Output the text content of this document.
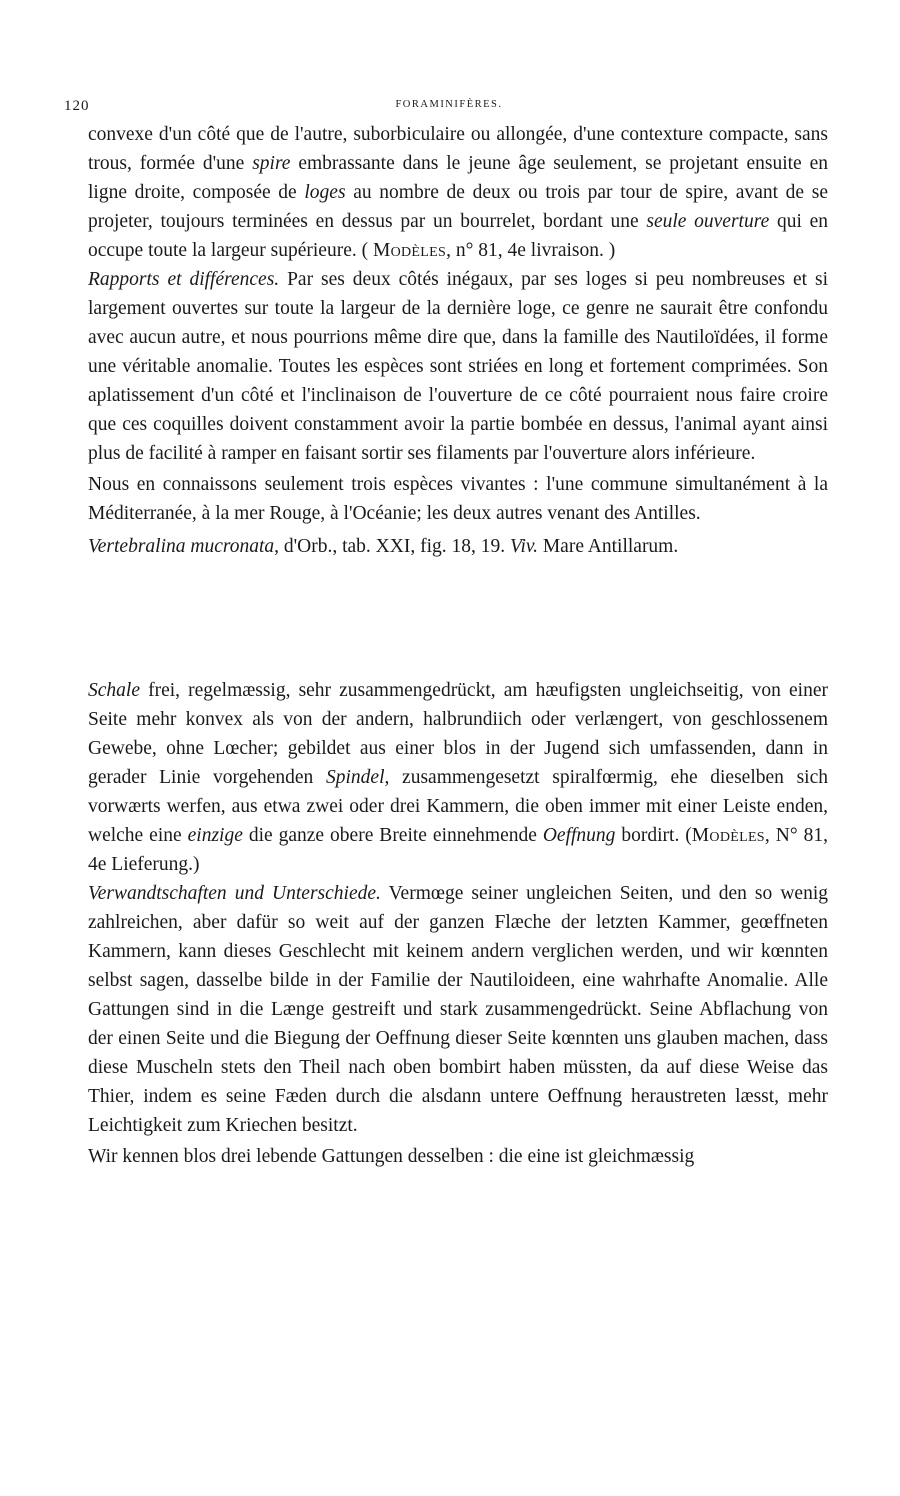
120	FORAMINIFÈRES.

convexe d'un côté que de l'autre, suborbiculaire ou allongée, d'une contexture compacte, sans trous, formée d'une spire embrassante dans le jeune âge seulement, se projetant ensuite en ligne droite, composée de loges au nombre de deux ou trois par tour de spire, avant de se projeter, toujours terminées en dessus par un bourrelet, bordant une seule ouverture qui en occupe toute la largeur supérieure. ( Modèles, n° 81, 4e livraison. )

Rapports et différences. Par ses deux côtés inégaux, par ses loges si peu nombreuses et si largement ouvertes sur toute la largeur de la dernière loge, ce genre ne saurait être confondu avec aucun autre, et nous pourrions même dire que, dans la famille des Nautiloïdées, il forme une véritable anomalie. Toutes les espèces sont striées en long et fortement comprimées. Son aplatissement d'un côté et l'inclinaison de l'ouverture de ce côté pourraient nous faire croire que ces coquilles doivent constamment avoir la partie bombée en dessus, l'animal ayant ainsi plus de facilité à ramper en faisant sortir ses filaments par l'ouverture alors inférieure.

Nous en connaissons seulement trois espèces vivantes : l'une commune simultanément à la Méditerranée, à la mer Rouge, à l'Océanie; les deux autres venant des Antilles.

Vertebralina mucronata, d'Orb., tab. XXI, fig. 18, 19. Viv. Mare Antillarum.

Schale frei, regelmæssig, sehr zusammengedrückt, am hæufigsten ungleichseitig, von einer Seite mehr konvex als von der andern, halbrundiich oder verlængert, von geschlossenem Gewebe, ohne Lœcher; gebildet aus einer blos in der Jugend sich umfassenden, dann in gerader Linie vorgehenden Spindel, zusammengesetzt spiralfœrmig, ehe dieselben sich vorwærts werfen, aus etwa zwei oder drei Kammern, die oben immer mit einer Leiste enden, welche eine einzige die ganze obere Breite einnehmende Oeffnung bordirt. (Modèles, N° 81, 4e Lieferung.)

Verwandtschaften und Unterschiede. Vermœge seiner ungleichen Seiten, und den so wenig zahlreichen, aber dafür so weit auf der ganzen Flæche der letzten Kammer, geœffneten Kammern, kann dieses Geschlecht mit keinem andern verglichen werden, und wir kœnnten selbst sagen, dasselbe bilde in der Familie der Nautiloideen, eine wahrhafte Anomalie. Alle Gattungen sind in die Længe gestreift und stark zusammengedrückt. Seine Abflachung von der einen Seite und die Biegung der Oeffnung dieser Seite kœnnten uns glauben machen, dass diese Muscheln stets den Theil nach oben bombirt haben müssten, da auf diese Weise das Thier, indem es seine Fæden durch die alsdann untere Oeffnung heraustreten læsst, mehr Leichtigkeit zum Kriechen besitzt.

Wir kennen blos drei lebende Gattungen desselben : die eine ist gleichmæssig
